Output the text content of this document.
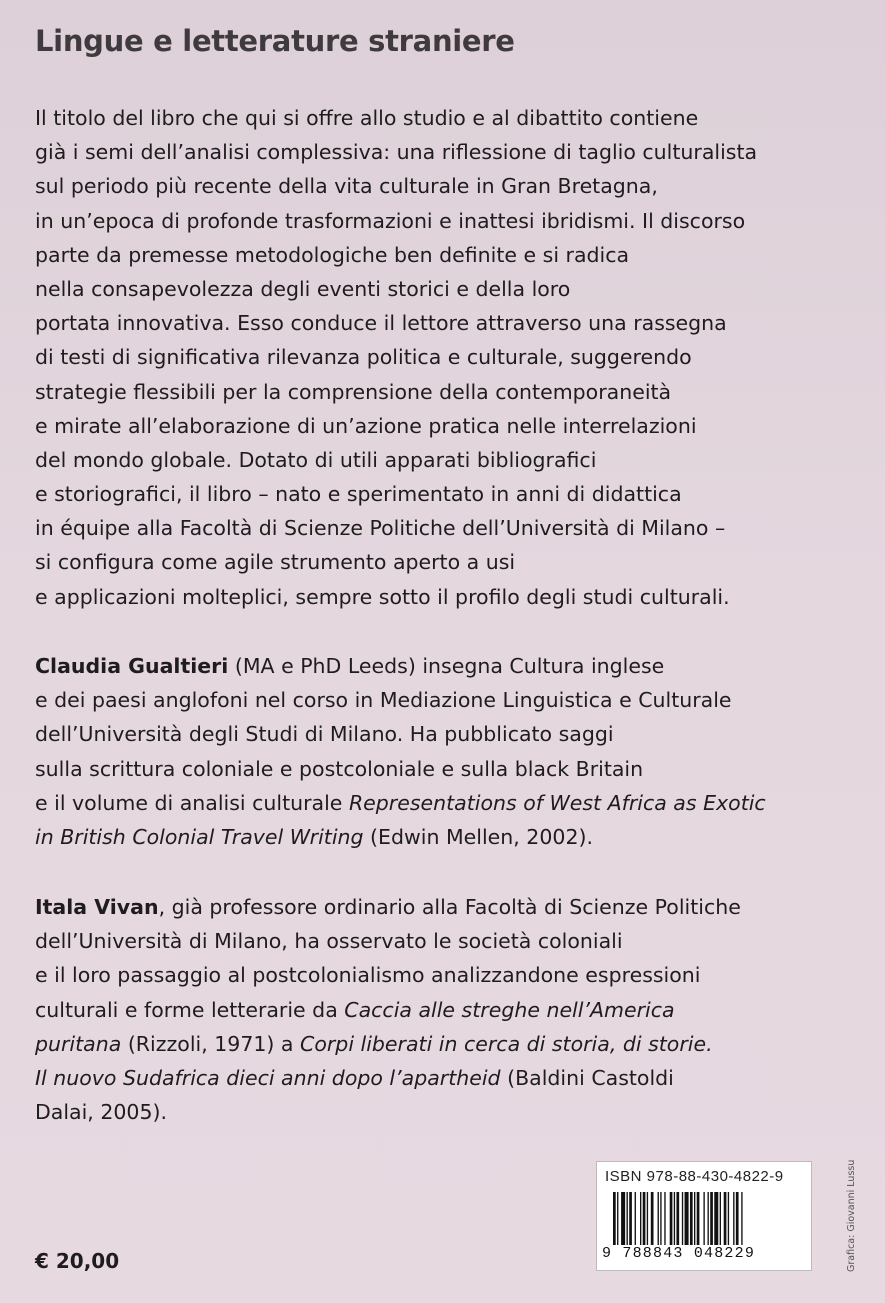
Lingue e letterature straniere
Il titolo del libro che qui si offre allo studio e al dibattito contiene
già i semi dell’analisi complessiva: una riflessione di taglio culturalista
sul periodo più recente della vita culturale in Gran Bretagna,
in un’epoca di profonde trasformazioni e inattesi ibridismi. Il discorso
parte da premesse metodologiche ben definite e si radica
nella consapevolezza degli eventi storici e della loro
portata innovativa. Esso conduce il lettore attraverso una rassegna
di testi di significativa rilevanza politica e culturale, suggerendo
strategie flessibili per la comprensione della contemporaneità
e mirate all’elaborazione di un’azione pratica nelle interrelazioni
del mondo globale. Dotato di utili apparati bibliografici
e storiografici, il libro – nato e sperimentato in anni di didattica
in équipe alla Facoltà di Scienze Politiche dell’Università di Milano –
si configura come agile strumento aperto a usi
e applicazioni molteplici, sempre sotto il profilo degli studi culturali.
Claudia Gualtieri (MA e PhD Leeds) insegna Cultura inglese
e dei paesi anglofoni nel corso in Mediazione Linguistica e Culturale
dell’Università degli Studi di Milano. Ha pubblicato saggi
sulla scrittura coloniale e postcoloniale e sulla black Britain
e il volume di analisi culturale Representations of West Africa as Exotic
in British Colonial Travel Writing (Edwin Mellen, 2002).
Itala Vivan, già professore ordinario alla Facoltà di Scienze Politiche
dell’Università di Milano, ha osservato le società coloniali
e il loro passaggio al postcolonialismo analizzandone espressioni
culturali e forme letterarie da Caccia alle streghe nell’America
puritana (Rizzoli, 1971) a Corpi liberati in cerca di storia, di storie.
Il nuovo Sudafrica dieci anni dopo l’apartheid (Baldini Castoldi
Dalai, 2005).
ISBN 978-88-430-4822-9
9 788843 048229
€ 20,00	Grafica: Giovanni Lussu
